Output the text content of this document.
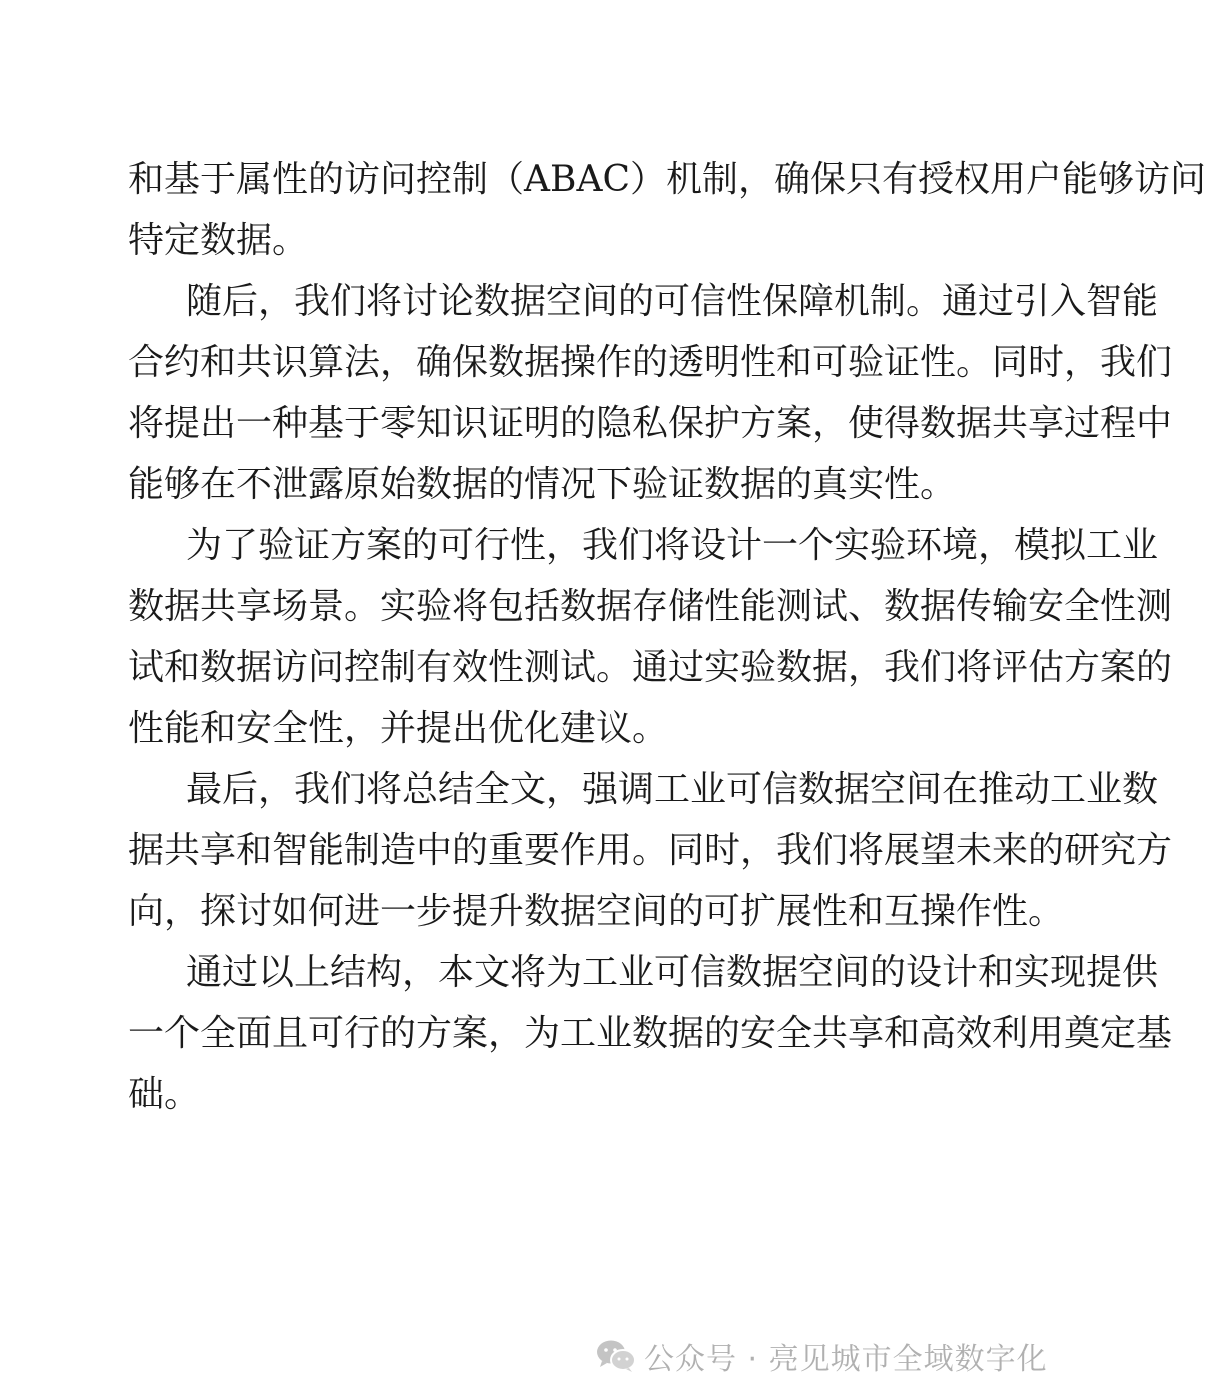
和基于属性的访问控制（ABAC）机制，确保只有授权用户能够访问
特定数据。
随后，我们将讨论数据空间的可信性保障机制。通过引入智能
合约和共识算法，确保数据操作的透明性和可验证性。同时，我们
将提出一种基于零知识证明的隐私保护方案，使得数据共享过程中
能够在不泄露原始数据的情况下验证数据的真实性。
为了验证方案的可行性，我们将设计一个实验环境，模拟工业
数据共享场景。实验将包括数据存储性能测试、数据传输安全性测
试和数据访问控制有效性测试。通过实验数据，我们将评估方案的
性能和安全性，并提出优化建议。
最后，我们将总结全文，强调工业可信数据空间在推动工业数
据共享和智能制造中的重要作用。同时，我们将展望未来的研究方
向，探讨如何进一步提升数据空间的可扩展性和互操作性。
通过以上结构，本文将为工业可信数据空间的设计和实现提供
一个全面且可行的方案，为工业数据的安全共享和高效利用奠定基
础。
公众号 · 亮见城市全域数字化
